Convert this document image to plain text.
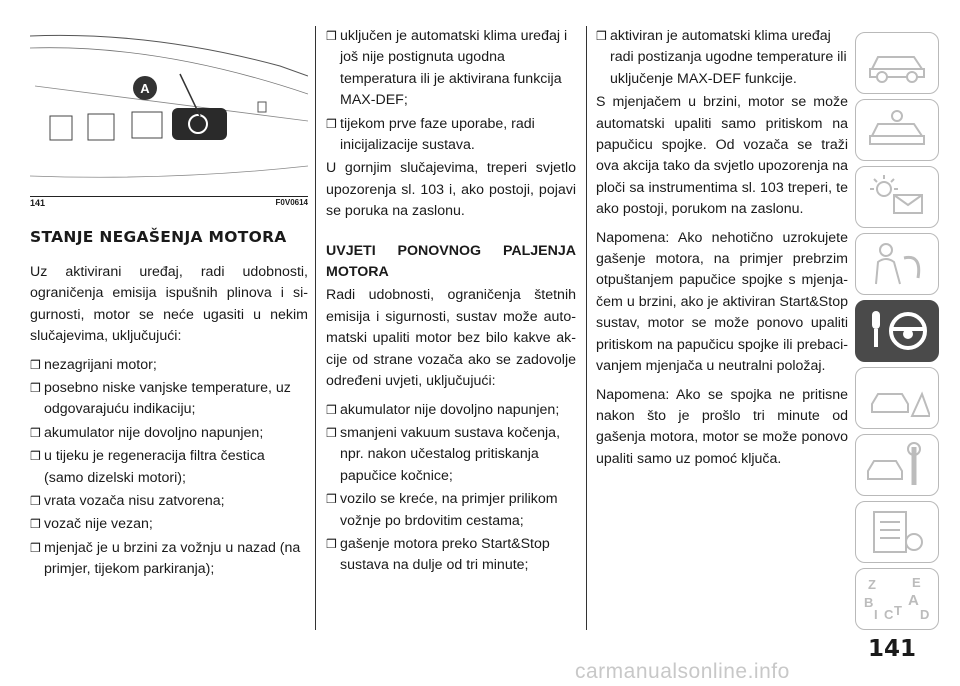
A
141	F0V0614
STANJE NEGAŠENJA MOTORA

Uz aktivirani uređaj, radi udobnosti, ograničenja emisija ispušnih plinova i si-gurnosti, motor se neće ugasiti u nekim slučajevima, uključujući:

❒ nezagrijani motor;
❒ posebno niske vanjske temperature, uz odgovarajuću indikaciju;
❒ akumulator nije dovoljno napunjen;
❒ u tijeku je regeneracija filtra čestica (samo dizelski motori);
❒ vrata vozača nisu zatvorena;
❒ vozač nije vezan;
❒ mjenjač je u brzini za vožnju u nazad (na primjer, tijekom parkiranja);
❒ uključen je automatski klima uređaj i još nije postignuta ugodna temperatura ili je aktivirana funkcija MAX-DEF;
❒ tijekom prve faze uporabe, radi inicijalizacije sustava.

U gornjim slučajevima, treperi svjetlo upozorenja sl. 103 i, ako postoji, pojavi se poruka na zaslonu.

UVJETI PONOVNOG PALJENJA MOTORA

Radi udobnosti, ograničenja štetnih emisija i sigurnosti, sustav može auto-matski upaliti motor bez bilo kakve ak-cije od strane vozača ako se zadovolje određeni uvjeti, uključujući:

❒ akumulator nije dovoljno napunjen;
❒ smanjeni vakuum sustava kočenja, npr. nakon učestalog pritiskanja papučice kočnice;
❒ vozilo se kreće, na primjer prilikom vožnje po brdovitim cestama;
❒ gašenje motora preko Start&Stop sustava na dulje od tri minute;
❒ aktiviran je automatski klima uređaj radi postizanja ugodne temperature ili uključenje MAX-DEF funkcije.

S mjenjačem u brzini, motor se može automatski upaliti samo pritiskom na papučicu spojke. Od vozača se traži ova akcija tako da svjetlo upozorenja na ploči sa instrumentima sl. 103 treperi, te ako postoji, porukom na zaslonu.

Napomena: Ako nehotično uzrokujete gašenje motora, na primjer prebrzim otpuštanjem papučice spojke s mjenja-čem u brzini, ako je aktiviran Start&Stop sustav, motor se može ponovo upaliti pritiskom na papučicu spojke ili prebaci-vanjem mjenjača u neutralni položaj.

Napomena: Ako se spojka ne pritisne nakon što je prošlo tri minute od gašenja motora, motor se može ponovo upaliti samo uz pomoć ključa.

Z	E
B A
C D
T
I
141
carmanualsonline.info
